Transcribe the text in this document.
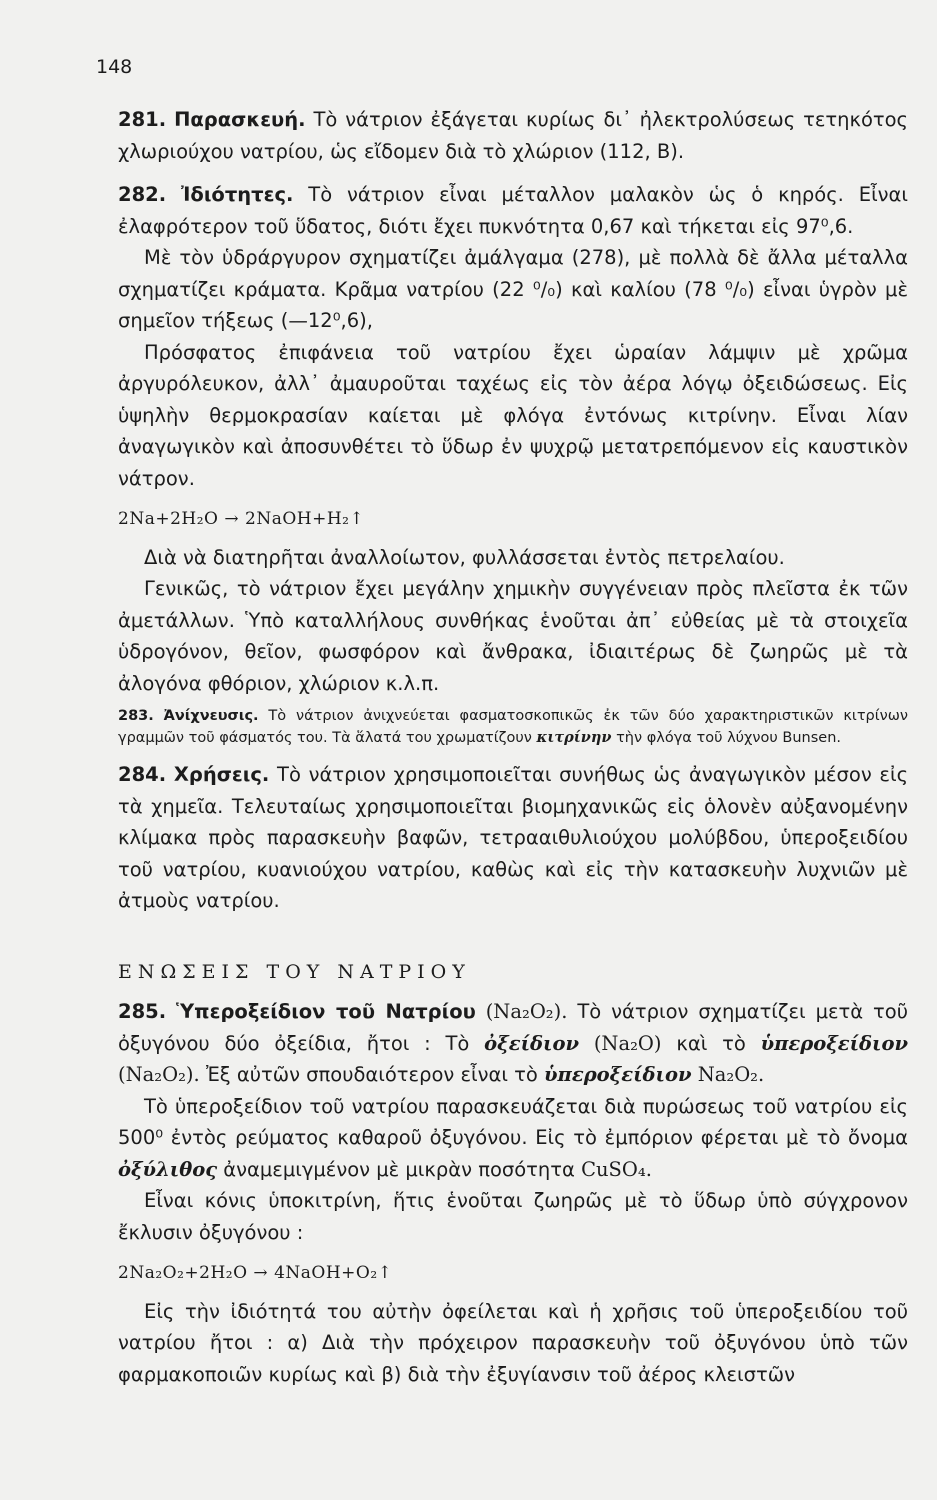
148

281. Παρασκευή. Τὸ νάτριον ἐξάγεται κυρίως δι᾽ ἠλεκτρολύσεως τετηκότος χλωριούχου νατρίου, ὡς εἴδομεν διὰ τὸ χλώριον (112, Β).

282. Ἰδιότητες. Τὸ νάτριον εἶναι μέταλλον μαλακὸν ὡς ὁ κηρός. Εἶναι ἐλαφρότερον τοῦ ὕδατος, διότι ἔχει πυκνότητα 0,67 καὶ τήκεται εἰς 97⁰,6.

Μὲ τὸν ὑδράργυρον σχηματίζει ἀμάλγαμα (278), μὲ πολλὰ δὲ ἄλλα μέταλλα σχηματίζει κράματα. Κρᾶμα νατρίου (22 ⁰/₀) καὶ καλίου (78 ⁰/₀) εἶναι ὑγρὸν μὲ σημεῖον τήξεως (—12⁰,6),

Πρόσφατος ἐπιφάνεια τοῦ νατρίου ἔχει ὡραίαν λάμψιν μὲ χρῶμα ἀργυρόλευκον, ἀλλ᾽ ἀμαυροῦται ταχέως εἰς τὸν ἀέρα λόγῳ ὀξειδώσεως. Εἰς ὑψηλὴν θερμοκρασίαν καίεται μὲ φλόγα ἐντόνως κιτρίνην. Εἶναι λίαν ἀναγωγικὸν καὶ ἀποσυνθέτει τὸ ὕδωρ ἐν ψυχρῷ μετατρεπόμενον εἰς καυστικὸν νάτρον.

2Na+2H₂O → 2NaOH+H₂↑

Διὰ νὰ διατηρῆται ἀναλλοίωτον, φυλλάσσεται ἐντὸς πετρελαίου.

Γενικῶς, τὸ νάτριον ἔχει μεγάλην χημικὴν συγγένειαν πρὸς πλεῖστα ἐκ τῶν ἀμετάλλων. Ὑπὸ καταλλήλους συνθήκας ἑνοῦται ἀπ᾽ εὐθείας μὲ τὰ στοιχεῖα ὑδρογόνον, θεῖον, φωσφόρον καὶ ἄνθρακα, ἰδιαιτέρως δὲ ζωηρῶς μὲ τὰ ἀλογόνα φθόριον, χλώριον κ.λ.π.

283. Ἀνίχνευσις. Τὸ νάτριον ἀνιχνεύεται φασματοσκοπικῶς ἐκ τῶν δύο χαρακτηριστικῶν κιτρίνων γραμμῶν τοῦ φάσματός του. Τὰ ἅλατά του χρωματίζουν κιτρίνην τὴν φλόγα τοῦ λύχνου Bunsen.

284. Χρήσεις. Τὸ νάτριον χρησιμοποιεῖται συνήθως ὡς ἀναγωγικὸν μέσον εἰς τὰ χημεῖα. Τελευταίως χρησιμοποιεῖται βιομηχανικῶς εἰς ὁλονὲν αὐξανομένην κλίμακα πρὸς παρασκευὴν βαφῶν, τετρααιθυλιούχου μολύβδου, ὑπεροξειδίου τοῦ νατρίου, κυανιούχου νατρίου, καθὼς καὶ εἰς τὴν κατασκευὴν λυχνιῶν μὲ ἀτμοὺς νατρίου.

ΕΝΩΣΕΙΣ ΤΟΥ ΝΑΤΡΙΟΥ

285. Ὑπεροξείδιον τοῦ Νατρίου (Na₂O₂). Τὸ νάτριον σχηματίζει μετὰ τοῦ ὀξυγόνου δύο ὀξείδια, ἤτοι : Τὸ ὀξείδιον (Na₂O) καὶ τὸ ὑπεροξείδιον (Na₂O₂). Ἐξ αὐτῶν σπουδαιότερον εἶναι τὸ ὑπεροξείδιον Na₂O₂.

Τὸ ὑπεροξείδιον τοῦ νατρίου παρασκευάζεται διὰ πυρώσεως τοῦ νατρίου εἰς 500⁰ ἐντὸς ρεύματος καθαροῦ ὀξυγόνου. Εἰς τὸ ἐμπόριον φέρεται μὲ τὸ ὄνομα ὀξύλιθος ἀναμεμιγμένον μὲ μικρὰν ποσότητα CuSO₄.

Εἶναι κόνις ὑποκιτρίνη, ἥτις ἑνοῦται ζωηρῶς μὲ τὸ ὕδωρ ὑπὸ σύγχρονον ἔκλυσιν ὀξυγόνου :

2Na₂O₂+2H₂O → 4NaOH+O₂↑

Εἰς τὴν ἰδιότητά του αὐτὴν ὀφείλεται καὶ ἡ χρῆσις τοῦ ὑπεροξειδίου τοῦ νατρίου ἤτοι : α) Διὰ τὴν πρόχειρον παρασκευὴν τοῦ ὀξυγόνου ὑπὸ τῶν φαρμακοποιῶν κυρίως καὶ β) διὰ τὴν ἐξυγίανσιν τοῦ ἀέρος κλειστῶν
